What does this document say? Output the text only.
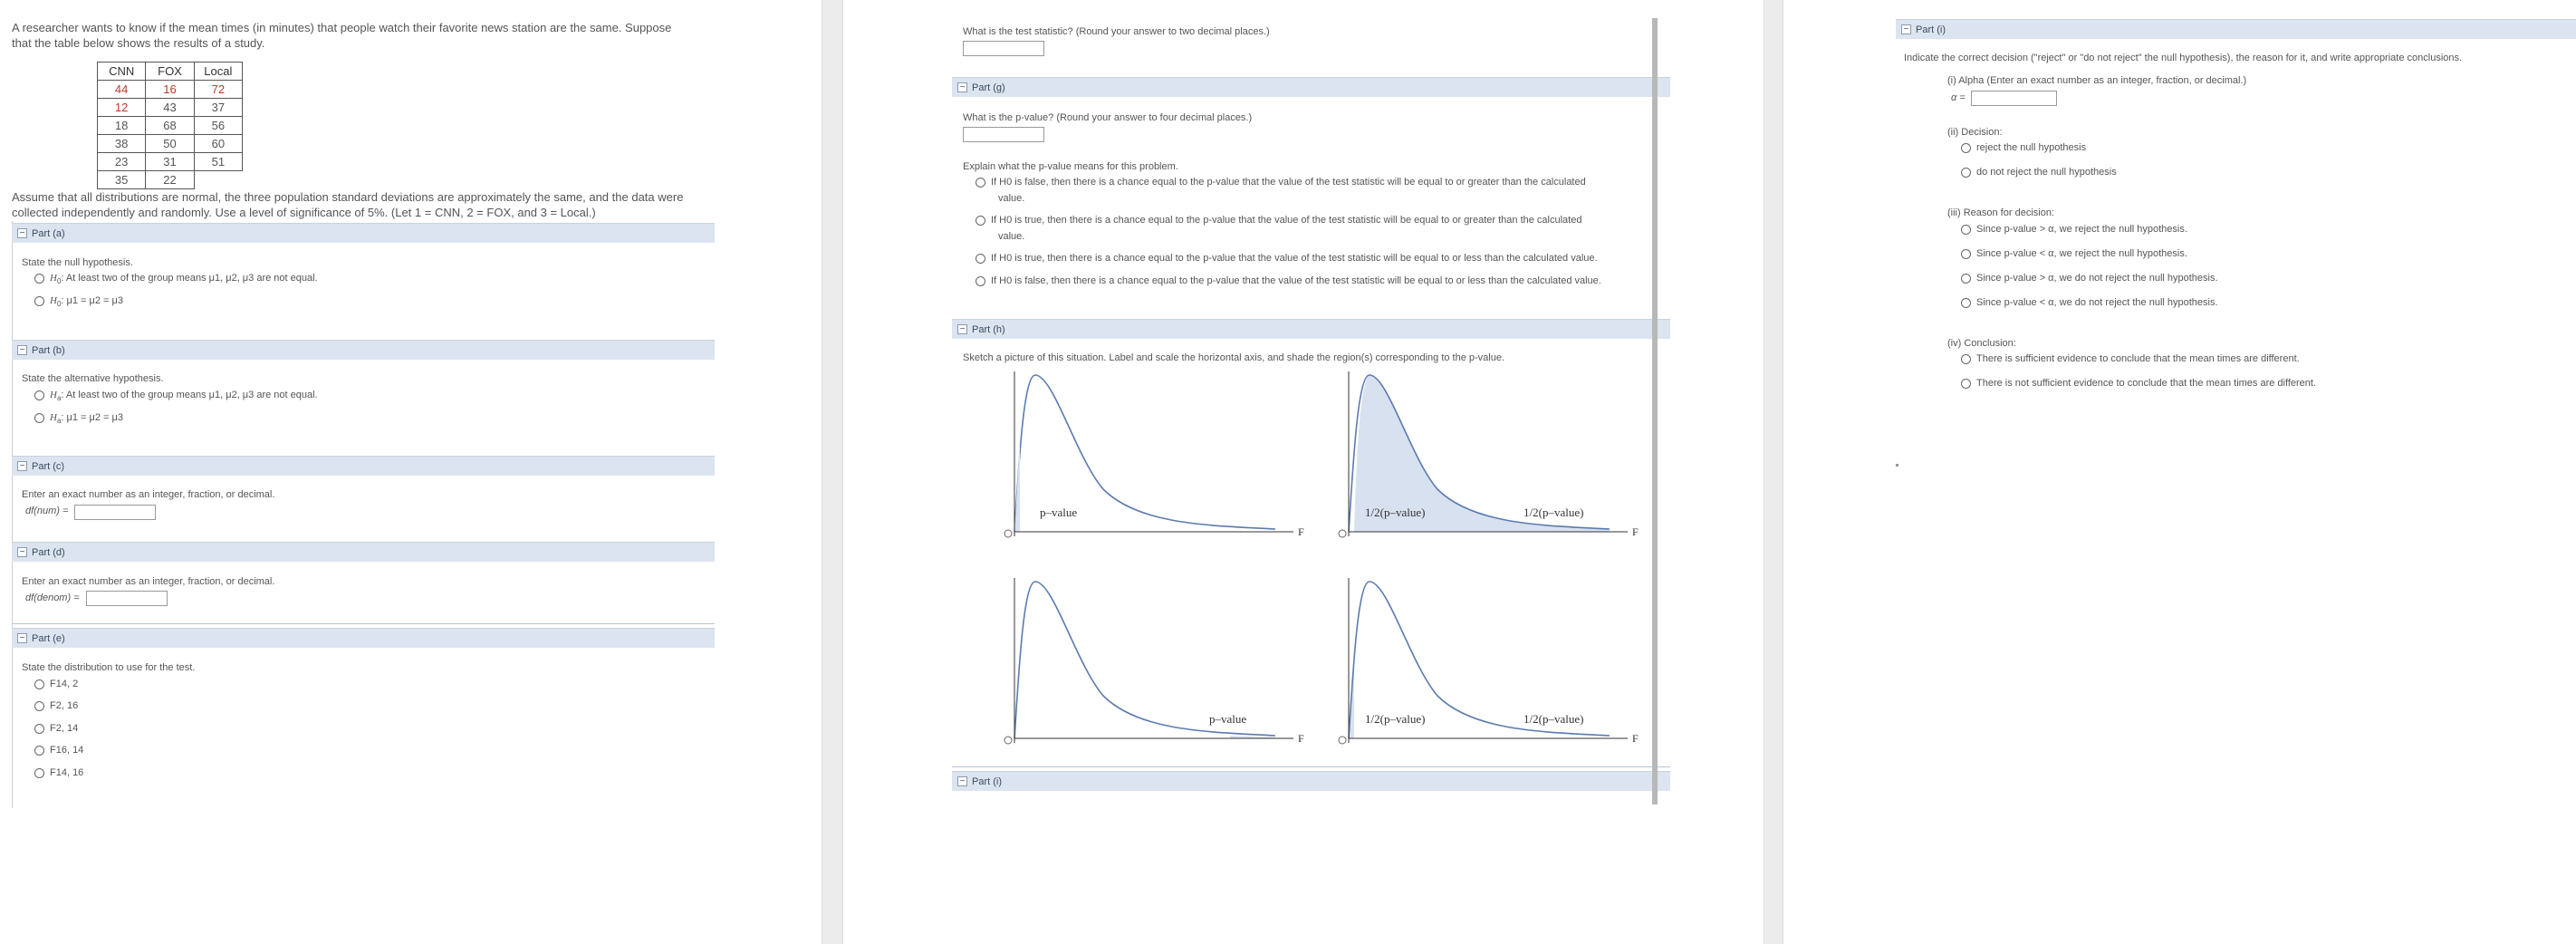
A researcher wants to know if the mean times (in minutes) that people watch their favorite news station are the same. Suppose
that the table below shows the results of a study.
CNN	FOX	Local
44	16	72
12	43	37
18	68	56
38	50	60
23	31	51
35	22	
Assume that all distributions are normal, the three population standard deviations are approximately the same, and the data were
collected independently and randomly. Use a level of significance of 5%. (Let 1 = CNN, 2 = FOX, and 3 = Local.)
− Part (a)
State the null hypothesis.
$H_0$: At least two of the group means μ1, μ2, μ3 are not equal.
$H_0$: μ1 = μ2 = μ3
− Part (b)
State the alternative hypothesis.
$H_a$: At least two of the group means μ1, μ2, μ3 are not equal.
$H_a$: μ1 = μ2 = μ3
− Part (c)
Enter an exact number as an integer, fraction, or decimal.
df(num) =
− Part (d)
Enter an exact number as an integer, fraction, or decimal.
df(denom) =
− Part (e)
State the distribution to use for the test.
F14, 2
F2, 16
F2, 14
F16, 14
F14, 16
What is the test statistic? (Round your answer to two decimal places.)
− Part (g)
What is the p-value? (Round your answer to four decimal places.)
Explain what the p-value means for this problem.
If H0 is false, then there is a chance equal to the p-value that the value of the test statistic will be equal to or greater than the calculated
value.
If H0 is true, then there is a chance equal to the p-value that the value of the test statistic will be equal to or greater than the calculated
value.
If H0 is true, then there is a chance equal to the p-value that the value of the test statistic will be equal to or less than the calculated value.
If H0 is false, then there is a chance equal to the p-value that the value of the test statistic will be equal to or less than the calculated value.
− Part (h)
Sketch a picture of this situation. Label and scale the horizontal axis, and shade the region(s) corresponding to the p-value.
p–value
F
1/2(p–value)	1/2(p–value)
F
p–value
F
1/2(p–value)	1/2(p–value)
F
− Part (i)
− Part (i)
Indicate the correct decision ("reject" or "do not reject" the null hypothesis), the reason for it, and write appropriate conclusions.
(i) Alpha (Enter an exact number as an integer, fraction, or decimal.)
α =
(ii) Decision:
reject the null hypothesis
do not reject the null hypothesis
(iii) Reason for decision:
Since p-value > α, we reject the null hypothesis.
Since p-value < α, we reject the null hypothesis.
Since p-value > α, we do not reject the null hypothesis.
Since p-value < α, we do not reject the null hypothesis.
(iv) Conclusion:
There is sufficient evidence to conclude that the mean times are different.
There is not sufficient evidence to conclude that the mean times are different.
